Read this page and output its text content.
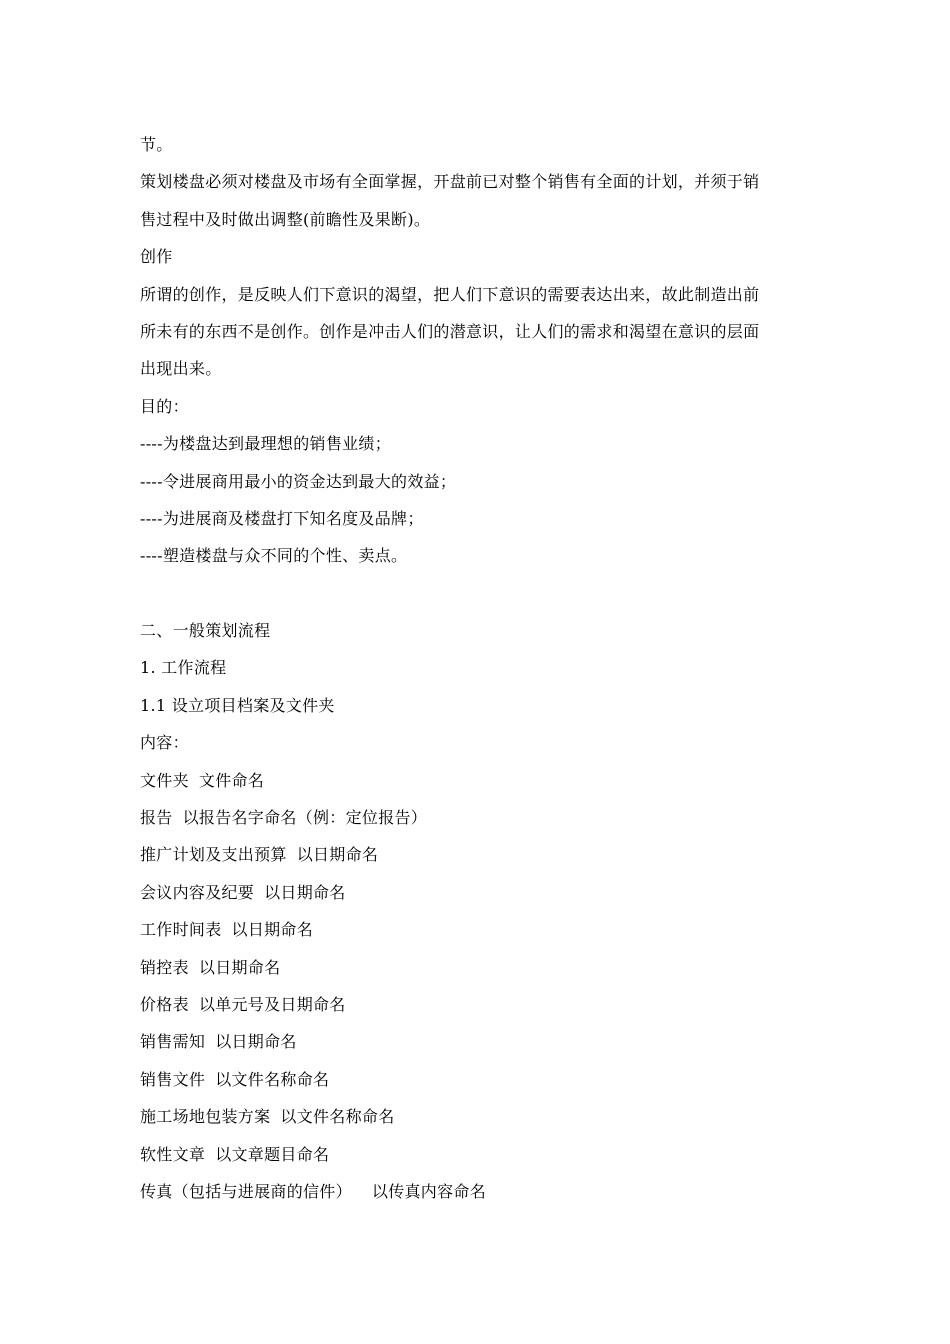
节。
策划楼盘必须对楼盘及市场有全面掌握，开盘前已对整个销售有全面的计划，并须于销
售过程中及时做出调整(前瞻性及果断)。
创作
所谓的创作，是反映人们下意识的渴望，把人们下意识的需要表达出来，故此制造出前
所未有的东西不是创作。创作是冲击人们的潜意识，让人们的需求和渴望在意识的层面
出现出来。
目的：
----为楼盘达到最理想的销售业绩；
----令进展商用最小的资金达到最大的效益；
----为进展商及楼盘打下知名度及品牌；
----塑造楼盘与众不同的个性、卖点。
二、一般策划流程
1. 工作流程
1.1 设立项目档案及文件夹
内容：
文件夹 文件命名
报告 以报告名字命名（例：定位报告）
推广计划及支出预算 以日期命名
会议内容及纪要 以日期命名
工作时间表 以日期命名
销控表 以日期命名
价格表 以单元号及日期命名
销售需知 以日期命名
销售文件 以文件名称命名
施工场地包装方案 以文件名称命名
软性文章 以文章题目命名
传真（包括与进展商的信件） 以传真内容命名
